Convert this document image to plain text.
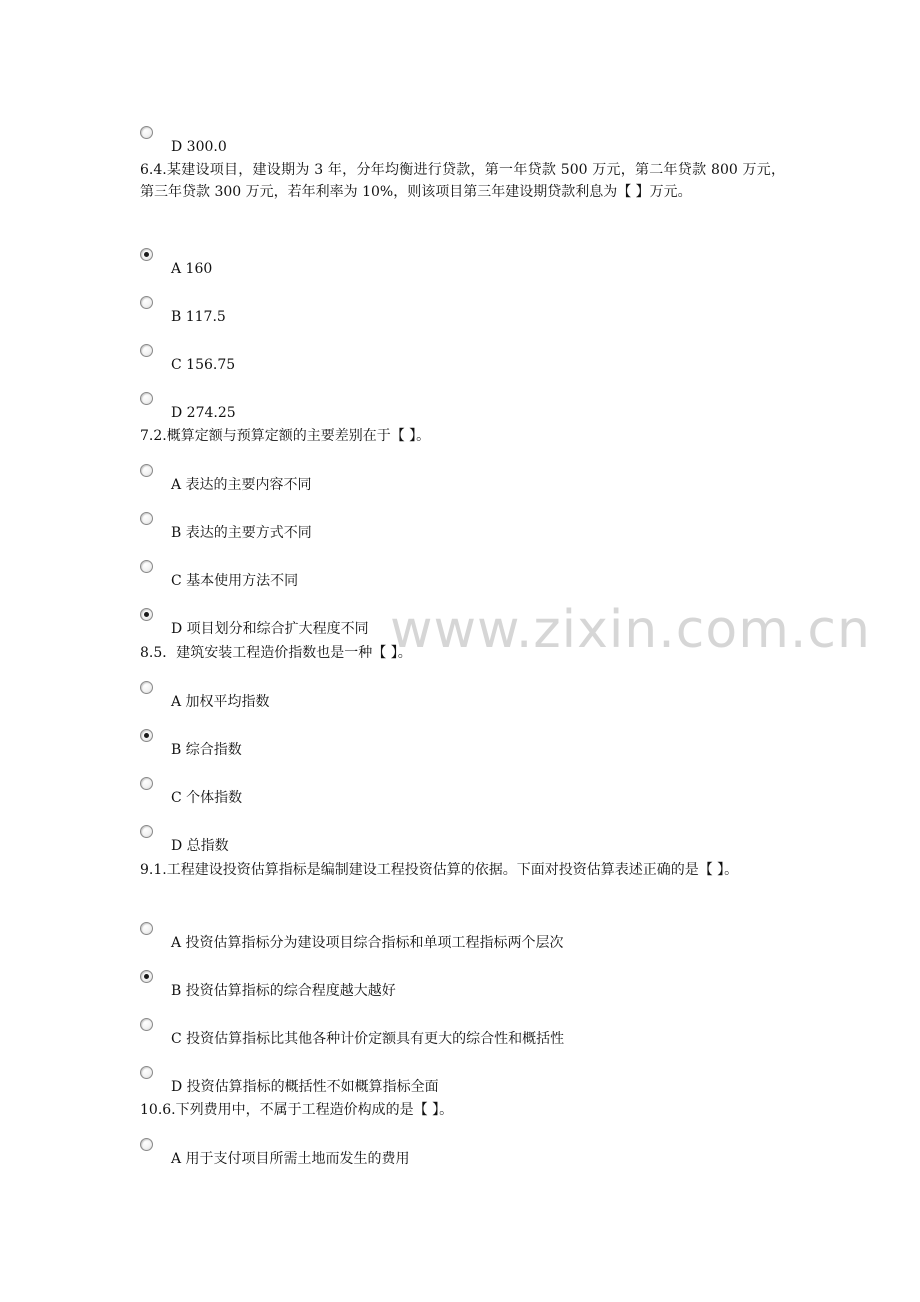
D 300.0
6.4.某建设项目，建设期为 3 年，分年均衡进行贷款，第一年贷款 500 万元，第二年贷款 800 万元，第三年贷款 300 万元，若年利率为 10%，则该项目第三年建设期贷款利息为【 】万元。
A 160
B 117.5
C 156.75
D 274.25
7.2.概算定额与预算定额的主要差别在于【 】。
A 表达的主要内容不同
B 表达的主要方式不同
C 基本使用方法不同
D 项目划分和综合扩大程度不同
8.5．建筑安装工程造价指数也是一种【 】。
A 加权平均指数
B 综合指数
C 个体指数
D 总指数
9.1.工程建设投资估算指标是编制建设工程投资估算的依据。下面对投资估算表述正确的是【 】。
A 投资估算指标分为建设项目综合指标和单项工程指标两个层次
B 投资估算指标的综合程度越大越好
C 投资估算指标比其他各种计价定额具有更大的综合性和概括性
D 投资估算指标的概括性不如概算指标全面
10.6.下列费用中，不属于工程造价构成的是【 】。
A 用于支付项目所需土地而发生的费用
www.zixin.com.cn
